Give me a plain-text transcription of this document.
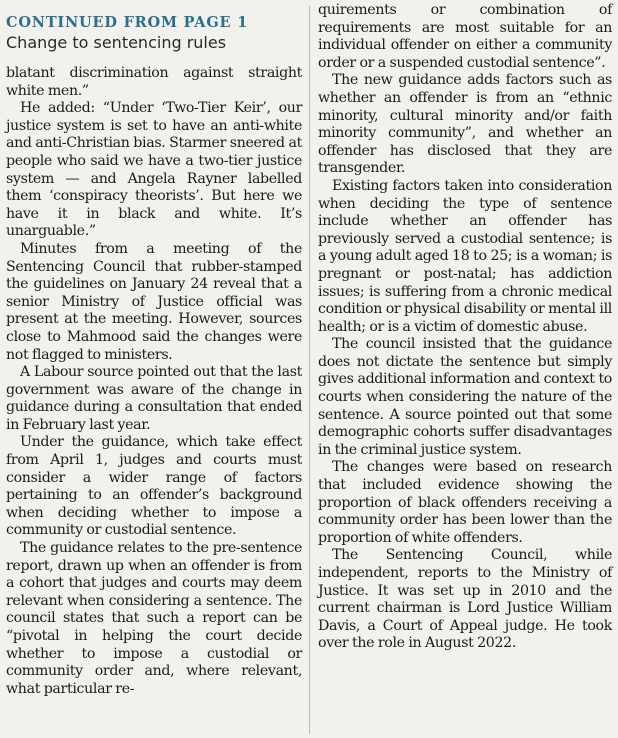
CONTINUED FROM PAGE 1
Change to sentencing rules

blatant discrimination against straight white men.”

He added: “Under ‘Two-Tier Keir’, our justice system is set to have an anti-white and anti-Christian bias. Starmer sneered at people who said we have a two-tier justice system — and Angela Rayner labelled them ‘conspiracy theorists’. But here we have it in black and white. It’s unarguable.”

Minutes from a meeting of the Sentencing Council that rubber-stamped the guidelines on January 24 reveal that a senior Ministry of Justice official was present at the meeting. However, sources close to Mahmood said the changes were not flagged to ministers.

A Labour source pointed out that the last government was aware of the change in guidance during a consultation that ended in February last year.

Under the guidance, which take effect from April 1, judges and courts must consider a wider range of factors pertaining to an offender’s background when deciding whether to impose a community or custodial sentence.

The guidance relates to the pre-sentence report, drawn up when an offender is from a cohort that judges and courts may deem relevant when considering a sentence. The council states that such a report can be “pivotal in helping the court decide whether to impose a custodial or community order and, where relevant, what particular re-

quirements or combination of requirements are most suitable for an individual offender on either a community order or a suspended custodial sentence”.

The new guidance adds factors such as whether an offender is from an “ethnic minority, cultural minority and/or faith minority community”, and whether an offender has disclosed that they are transgender.

Existing factors taken into consideration when deciding the type of sentence include whether an offender has previously served a custodial sentence; is a young adult aged 18 to 25; is a woman; is pregnant or post-natal; has addiction issues; is suffering from a chronic medical condition or physical disability or mental ill health; or is a victim of domestic abuse.

The council insisted that the guidance does not dictate the sentence but simply gives additional information and context to courts when considering the nature of the sentence. A source pointed out that some demographic cohorts suffer disadvantages in the criminal justice system.

The changes were based on research that included evidence showing the proportion of black offenders receiving a community order has been lower than the proportion of white offenders.

The Sentencing Council, while independent, reports to the Ministry of Justice. It was set up in 2010 and the current chairman is Lord Justice William Davis, a Court of Appeal judge. He took over the role in August 2022.
